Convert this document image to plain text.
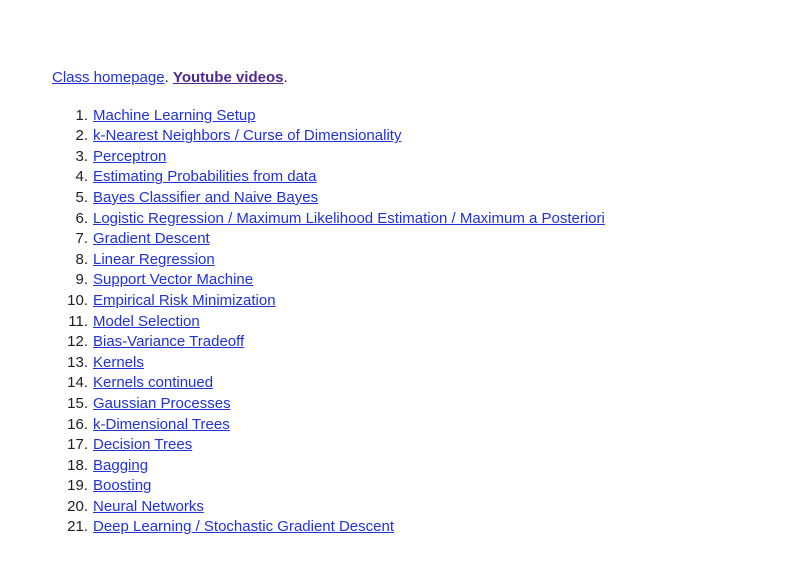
Class homepage. Youtube videos.

1. Machine Learning Setup
2. k-Nearest Neighbors / Curse of Dimensionality
3. Perceptron
4. Estimating Probabilities from data
5. Bayes Classifier and Naive Bayes
6. Logistic Regression / Maximum Likelihood Estimation / Maximum a Posteriori
7. Gradient Descent
8. Linear Regression
9. Support Vector Machine
10. Empirical Risk Minimization
11. Model Selection
12. Bias-Variance Tradeoff
13. Kernels
14. Kernels continued
15. Gaussian Processes
16. k-Dimensional Trees
17. Decision Trees
18. Bagging
19. Boosting
20. Neural Networks
21. Deep Learning / Stochastic Gradient Descent
